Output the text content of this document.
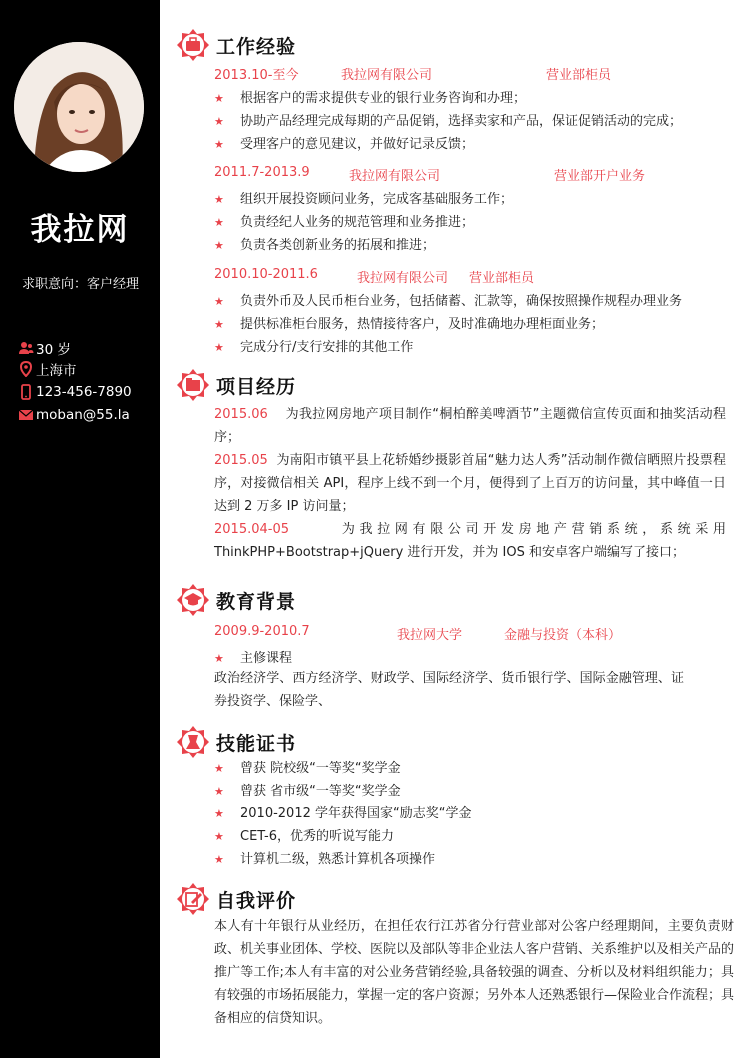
我拉网
求职意向：客户经理
30 岁
上海市
123-456-7890
moban@55.la
工作经验
2013.10-至今	我拉网有限公司	营业部柜员
★ 根据客户的需求提供专业的银行业务咨询和办理；
★ 协助产品经理完成每期的产品促销，选择卖家和产品，保证促销活动的完成；
★ 受理客户的意见建议，并做好记录反馈；
2011.7-2013.9	我拉网有限公司	营业部开户业务
★ 组织开展投资顾问业务，完成客基础服务工作；
★ 负责经纪人业务的规范管理和业务推进；
★ 负责各类创新业务的拓展和推进；
2010.10-2011.6	我拉网有限公司 营业部柜员
★ 负责外币及人民币柜台业务，包括储蓄、汇款等，确保按照操作规程办理业务
★ 提供标准柜台服务，热情接待客户，及时准确地办理柜面业务；
★ 完成分行/支行安排的其他工作
项目经历
2015.06 为我拉网房地产项目制作“桐柏醉美啤酒节”主题微信宣传页面和抽奖活动程序；
2015.05 为南阳市镇平县上花轿婚纱摄影首届“魅力达人秀”活动制作微信晒照片投票程序，对接微信相关 API，程序上线不到一个月，便得到了上百万的访问量，其中峰值一日达到 2 万多 IP 访问量；
2015.04-05	为我拉网有限公司开发房地产营销系统，系统采用 ThinkPHP+Bootstrap+jQuery 进行开发，并为 IOS 和安卓客户端编写了接口；
教育背景
2009.9-2010.7	我拉网大学	金融与投资（本科）
★ 主修课程
政治经济学、西方经济学、财政学、国际经济学、货币银行学、国际金融管理、证券投资学、保险学、
技能证书
★ 曾获 院校级“一等奖“奖学金
★ 曾获 省市级“一等奖“奖学金
★ 2010-2012 学年获得国家“励志奖“学金
★ CET-6，优秀的听说写能力
★ 计算机二级，熟悉计算机各项操作
自我评价
本人有十年银行从业经历，在担任农行江苏省分行营业部对公客户经理期间，主要负责财政、机关事业团体、学校、医院以及部队等非企业法人客户营销、关系维护以及相关产品的推广等工作;本人有丰富的对公业务营销经验,具备较强的调查、分析以及材料组织能力；具有较强的市场拓展能力，掌握一定的客户资源；另外本人还熟悉银行—保险业合作流程；具备相应的信贷知识。
